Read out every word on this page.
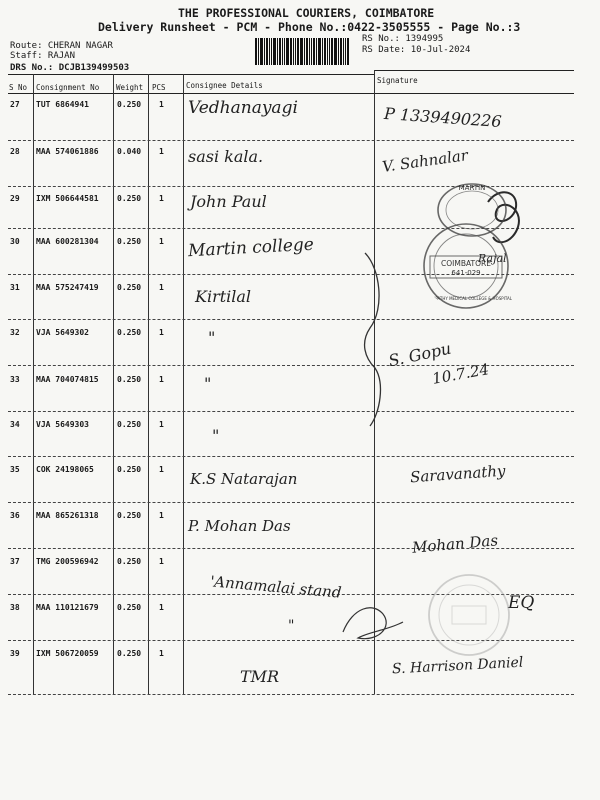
THE PROFESSIONAL COURIERS, COIMBATORE
Delivery Runsheet - PCM - Phone No.:0422-3505555 - Page No.:3
Route: CHERAN NAGAR
Staff: RAJAN
DRS No.: DCJB139499503
RS No.: 1394995
RS Date: 10-Jul-2024
S No Consignment No Weight PCS	Consignee Details
Signature
27 TUT 6864941	0.250 1 Vedhanayagi	P 1339490226
28 MAA 574061886 0.040 1 sasi kala.	V. Sahnalar
29 IXM 506644581 0.250 1 John Paul
30 MAA 600281304 0.250 1 Martin college	Rajal
31 MAA 575247419 0.250 1 Kirtilal
32 VJA 5649302	0.250 1	"
S. Gopu
33 MAA 704074815 0.250 1	"	10.7.24
34 VJA 5649303	0.250 1
"
35 COK 24198065	0.250 1
K.S Natarajan	Saravanathy
36 MAA 865261318 0.250 1
P. Mohan Das
Mohan Das
37 TMG 200596942 0.250 1
'Annamalai stand
38 MAA 110121679 0.250 1
"
EQ
39 IXM 506720059 0.250 1
TMR	S. Harrison Daniel
COIMBATORE
641-029
MARTIN
HOMEOPATHY MEDICAL COLLEGE & HOSPITAL
